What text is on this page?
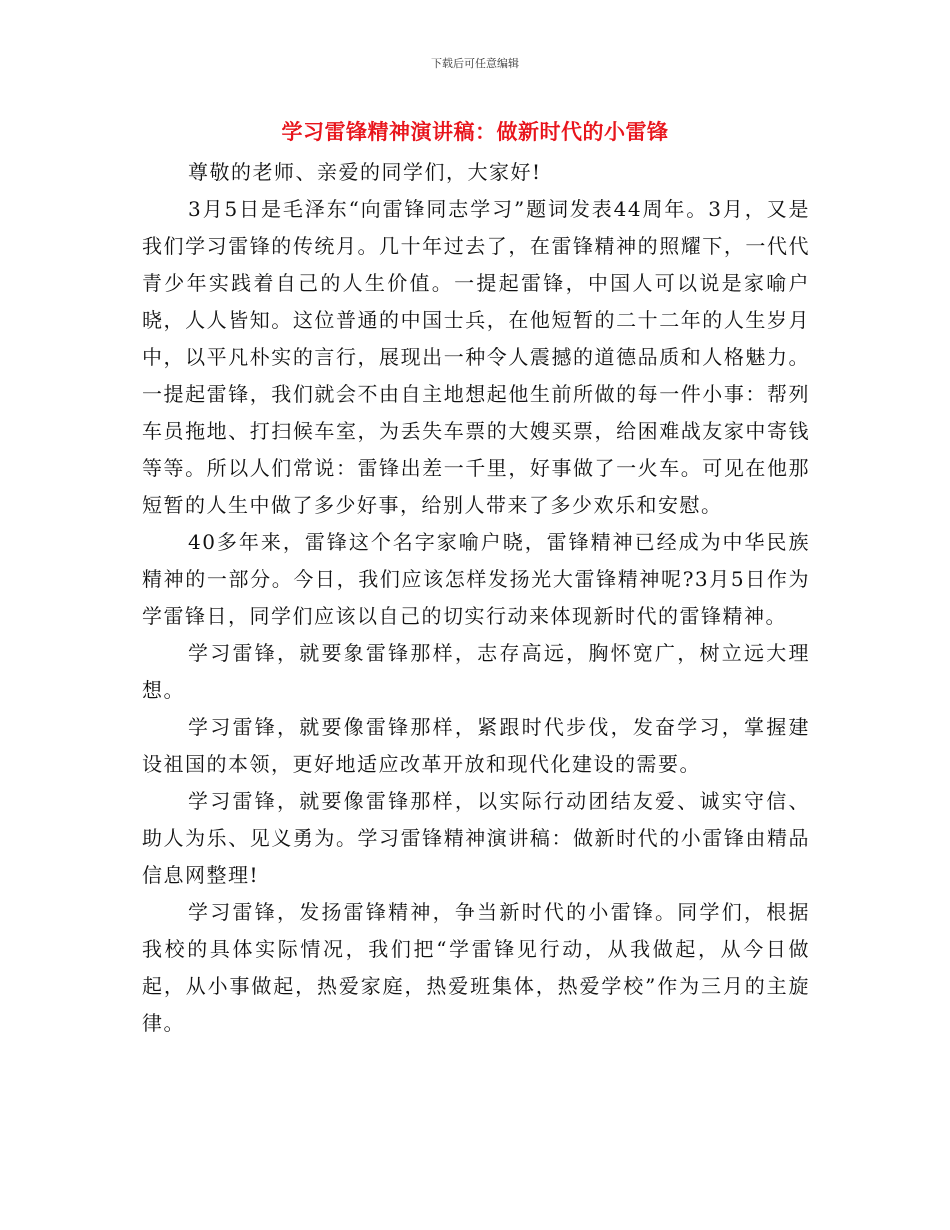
下载后可任意编辑
学习雷锋精神演讲稿：做新时代的小雷锋

尊敬的老师、亲爱的同学们，大家好!

3月5日是毛泽东“向雷锋同志学习”题词发表44周年。3月，又是我们学习雷锋的传统月。几十年过去了，在雷锋精神的照耀下，一代代青少年实践着自己的人生价值。一提起雷锋，中国人可以说是家喻户晓，人人皆知。这位普通的中国士兵，在他短暂的二十二年的人生岁月中，以平凡朴实的言行，展现出一种令人震撼的道德品质和人格魅力。一提起雷锋，我们就会不由自主地想起他生前所做的每一件小事：帮列车员拖地、打扫候车室，为丢失车票的大嫂买票，给困难战友家中寄钱等等。所以人们常说：雷锋出差一千里，好事做了一火车。可见在他那短暂的人生中做了多少好事，给别人带来了多少欢乐和安慰。

40多年来，雷锋这个名字家喻户晓，雷锋精神已经成为中华民族精神的一部分。今日，我们应该怎样发扬光大雷锋精神呢?3月5日作为学雷锋日，同学们应该以自己的切实行动来体现新时代的雷锋精神。

学习雷锋，就要象雷锋那样，志存高远，胸怀宽广，树立远大理想。

学习雷锋，就要像雷锋那样，紧跟时代步伐，发奋学习，掌握建设祖国的本领，更好地适应改革开放和现代化建设的需要。

学习雷锋，就要像雷锋那样，以实际行动团结友爱、诚实守信、助人为乐、见义勇为。学习雷锋精神演讲稿：做新时代的小雷锋由精品信息网整理!

学习雷锋，发扬雷锋精神，争当新时代的小雷锋。同学们，根据我校的具体实际情况，我们把“学雷锋见行动，从我做起，从今日做起，从小事做起，热爱家庭，热爱班集体，热爱学校”作为三月的主旋律。
